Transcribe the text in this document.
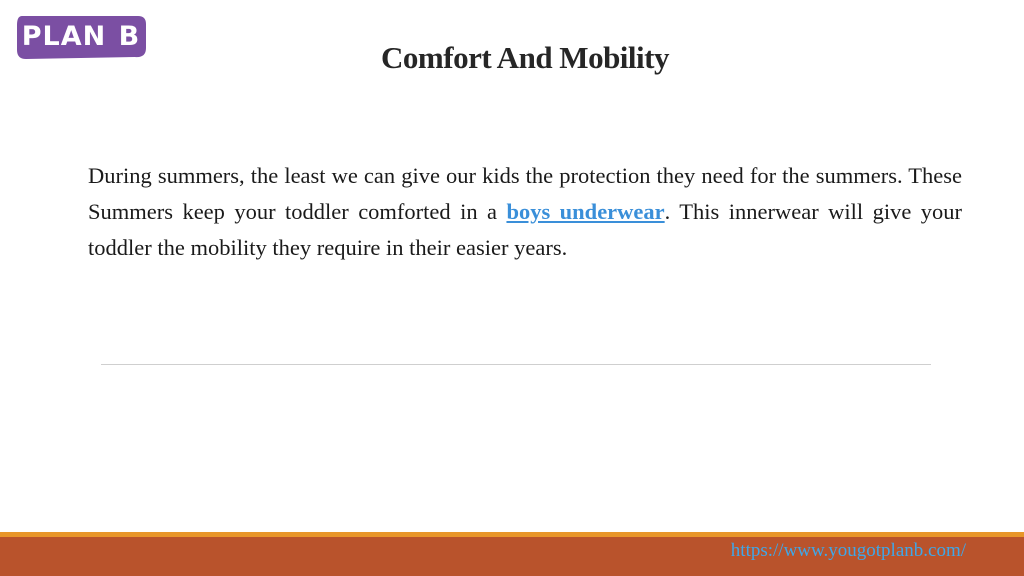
PLAN B
Comfort And Mobility

During summers, the least we can give our kids the protection they need for the summers. These Summers keep your toddler comforted in a boys underwear. This innerwear will give your toddler the mobility they require in their easier years.

https://www.yougotplanb.com/
